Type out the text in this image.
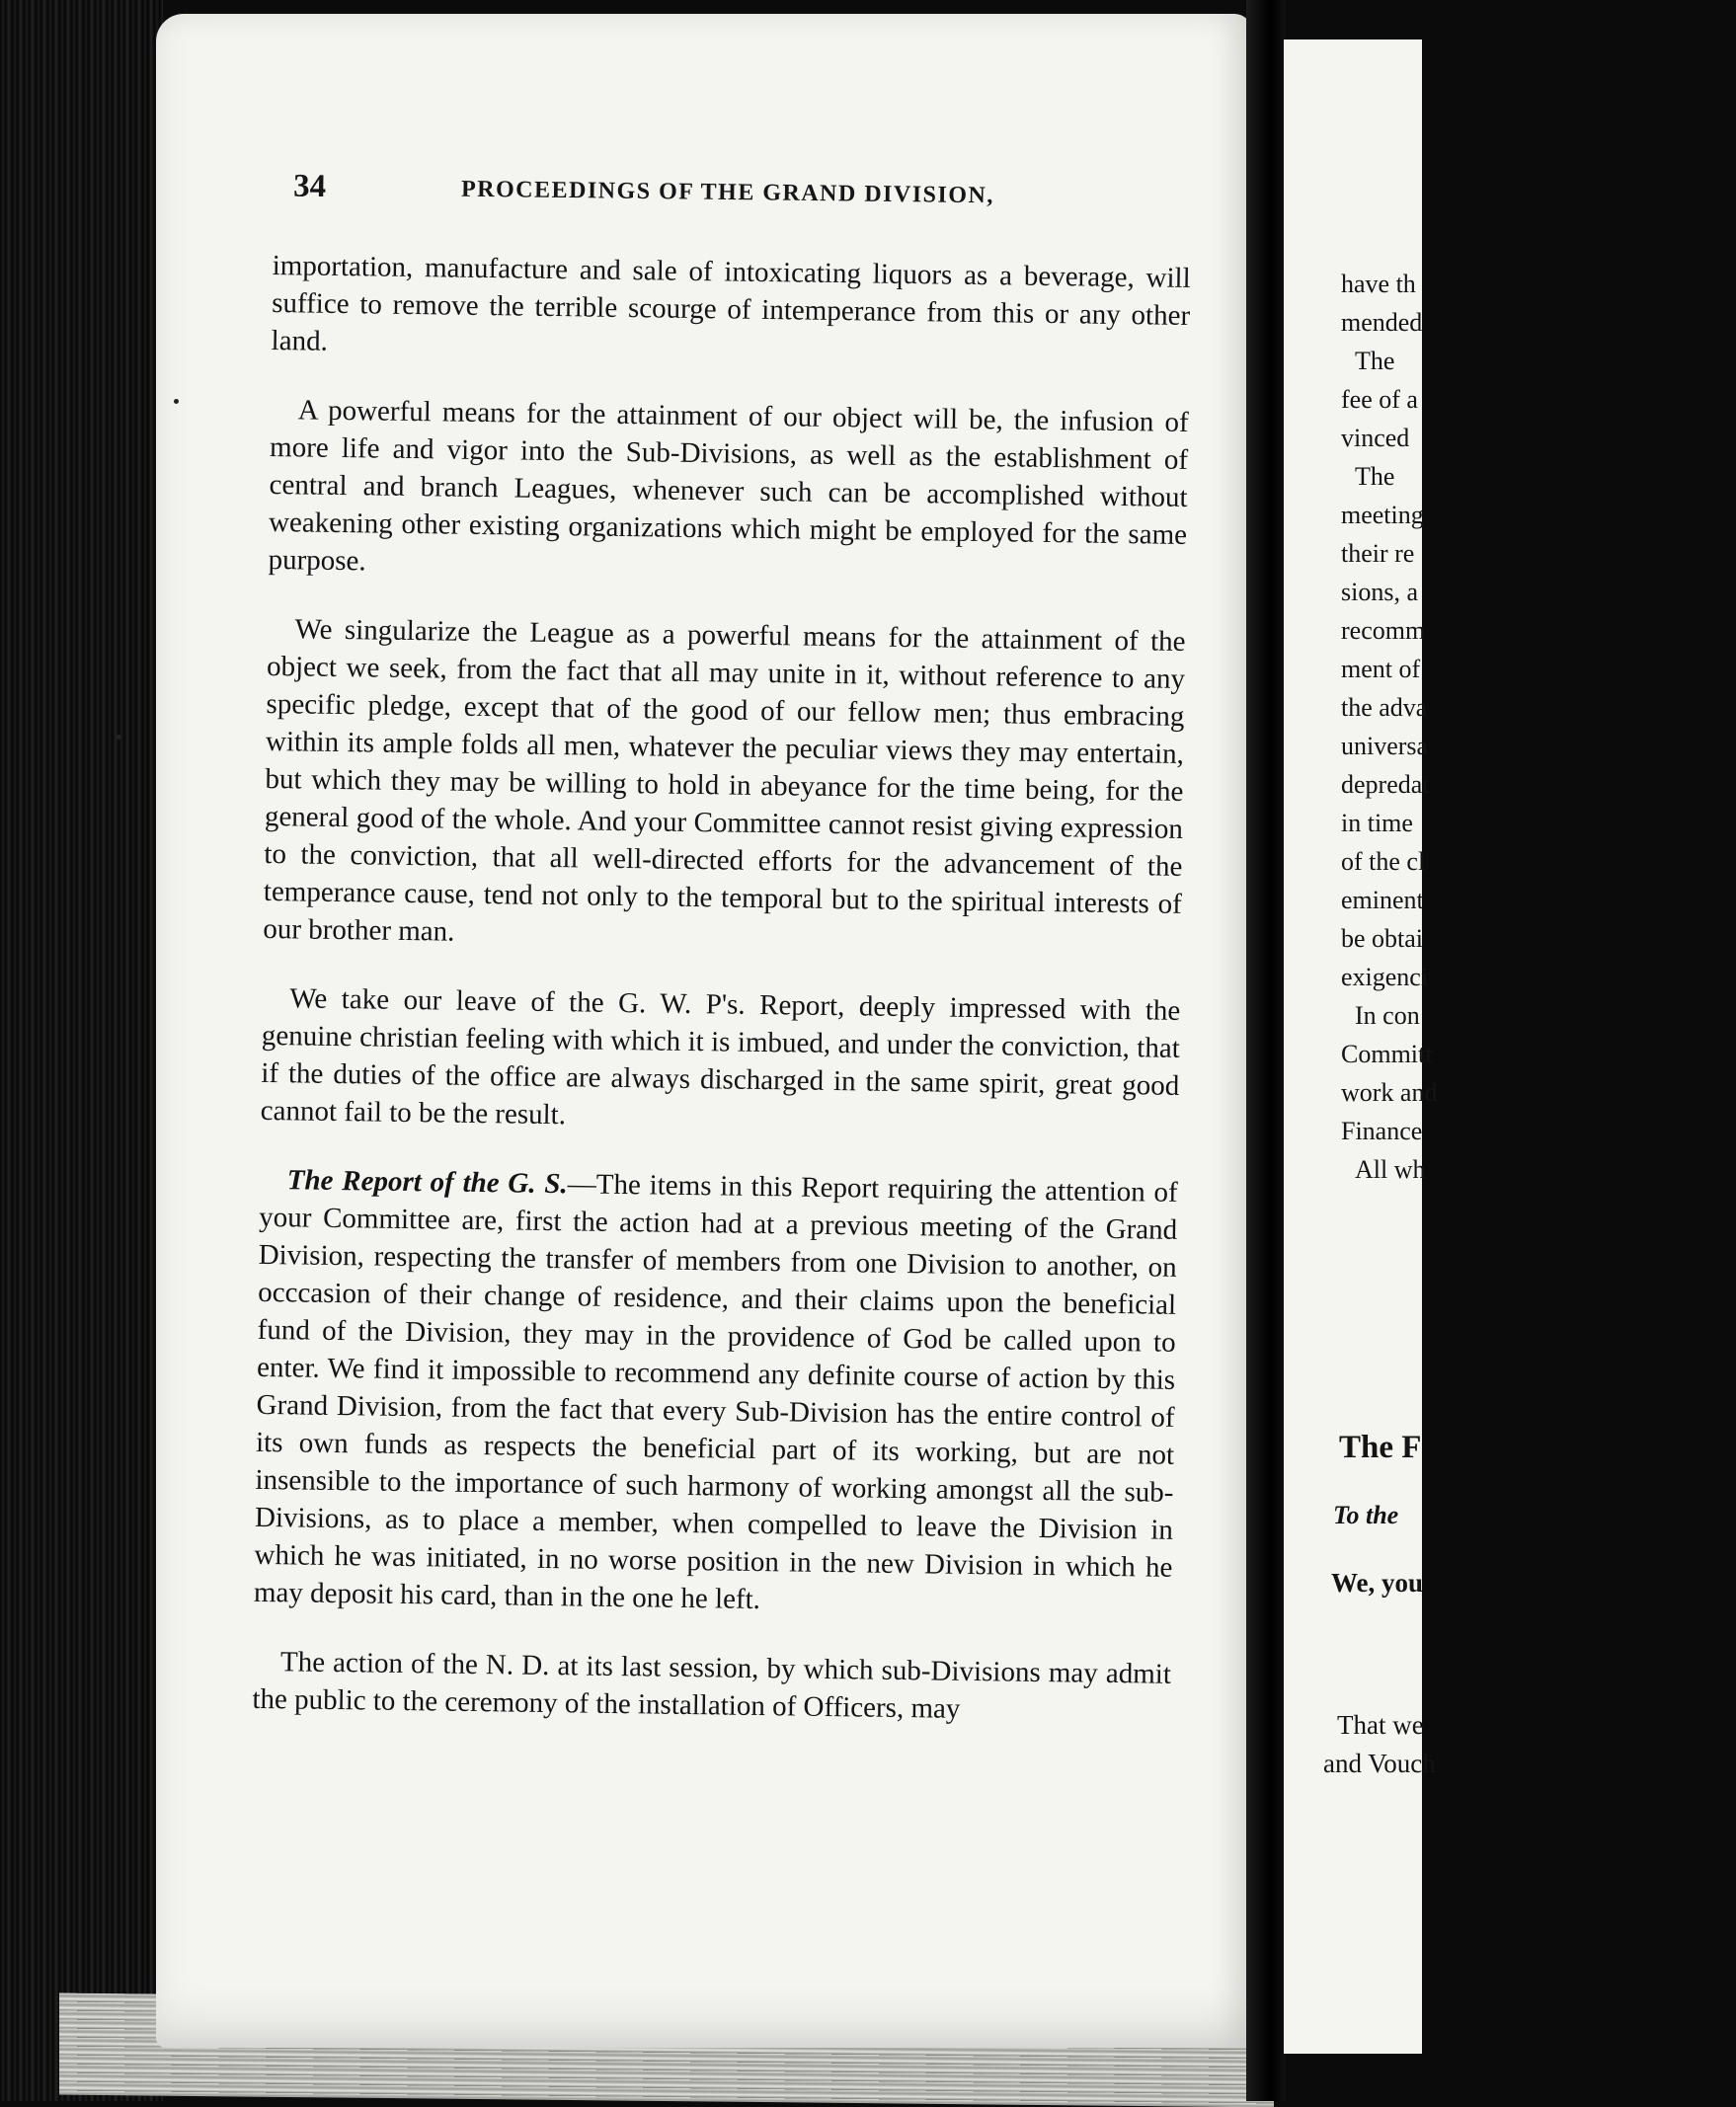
34	PROCEEDINGS OF THE GRAND DIVISION,

importation, manufacture and sale of intoxicating liquors as a beverage, will suffice to remove the terrible scourge of intemperance from this or any other land.

A powerful means for the attainment of our object will be, the infusion of more life and vigor into the Sub-Divisions, as well as the establishment of central and branch Leagues, whenever such can be accomplished without weakening other existing organizations which might be employed for the same purpose.

We singularize the League as a powerful means for the attainment of the object we seek, from the fact that all may unite in it, without reference to any specific pledge, except that of the good of our fellow men; thus embracing within its ample folds all men, whatever the peculiar views they may entertain, but which they may be willing to hold in abeyance for the time being, for the general good of the whole. And your Committee cannot resist giving expression to the conviction, that all well-directed efforts for the advancement of the temperance cause, tend not only to the temporal but to the spiritual interests of our brother man.

We take our leave of the G. W. P's. Report, deeply impressed with the genuine christian feeling with which it is imbued, and under the conviction, that if the duties of the office are always discharged in the same spirit, great good cannot fail to be the result.

The Report of the G. S.—The items in this Report requiring the attention of your Committee are, first the action had at a previous meeting of the Grand Division, respecting the transfer of members from one Division to another, on occcasion of their change of residence, and their claims upon the beneficial fund of the Division, they may in the providence of God be called upon to enter. We find it impossible to recommend any definite course of action by this Grand Division, from the fact that every Sub-Division has the entire control of its own funds as respects the beneficial part of its working, but are not insensible to the importance of such harmony of working amongst all the sub-Divisions, as to place a member, when compelled to leave the Division in which he was initiated, in no worse position in the new Division in which he may deposit his card, than in the one he left.

The action of the N. D. at its last session, by which sub-Divisions may admit the public to the ceremony of the installation of Officers, may

have th
mended
The
fee of a
vinced
The
meeting
their re
sions, a
recomm
ment of
the adva
universa
depredat
in time
of the cl
eminent
be obtai
exigenci
In con
Committ
work and
Finance
All wh
The F
To the
We, you
That we
and Vouch
